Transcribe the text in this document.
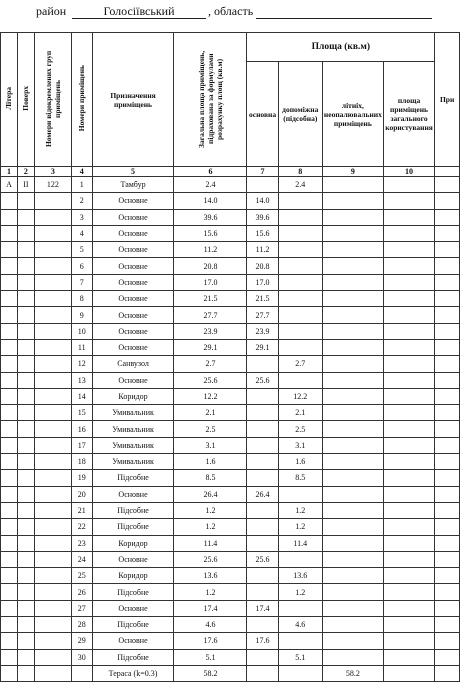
район	Голосіївський	, область
Літера	Поверх	Номери відокремлених груп приміщень	Номери приміщень	Призначення приміщень	Загальна площа приміщень, підрахована за формулами розрахунку площ (кв.м)	Площа (кв.м)				При
						основна	допоміжна (підсобна)	літніх, неопалювальних приміщень	площа приміщень загального користування	
1	2	3	4	5	6	7	8	9	10	
А	II	122	1	Тамбур	2.4		2.4			
			2	Основне	14.0	14.0				
			3	Основне	39.6	39.6				
			4	Основне	15.6	15.6				
			5	Основне	11.2	11.2				
			6	Основне	20.8	20.8				
			7	Основне	17.0	17.0				
			8	Основне	21.5	21.5				
			9	Основне	27.7	27.7				
			10	Основне	23.9	23.9				
			11	Основне	29.1	29.1				
			12	Санвузол	2.7		2.7			
			13	Основне	25.6	25.6				
			14	Коридор	12.2		12.2			
			15	Умивальник	2.1		2.1			
			16	Умивальник	2.5		2.5			
			17	Умивальник	3.1		3.1			
			18	Умивальник	1.6		1.6			
			19	Підсобне	8.5		8.5			
			20	Основне	26.4	26.4				
			21	Підсобне	1.2		1.2			
			22	Підсобне	1.2		1.2			
			23	Коридор	11.4		11.4			
			24	Основне	25.6	25.6				
			25	Коридор	13.6		13.6			
			26	Підсобне	1.2		1.2			
			27	Основне	17.4	17.4				
			28	Підсобне	4.6		4.6			
			29	Основне	17.6	17.6				
			30	Підсобне	5.1		5.1			
				Тераса (k=0.3)	58.2			58.2		
